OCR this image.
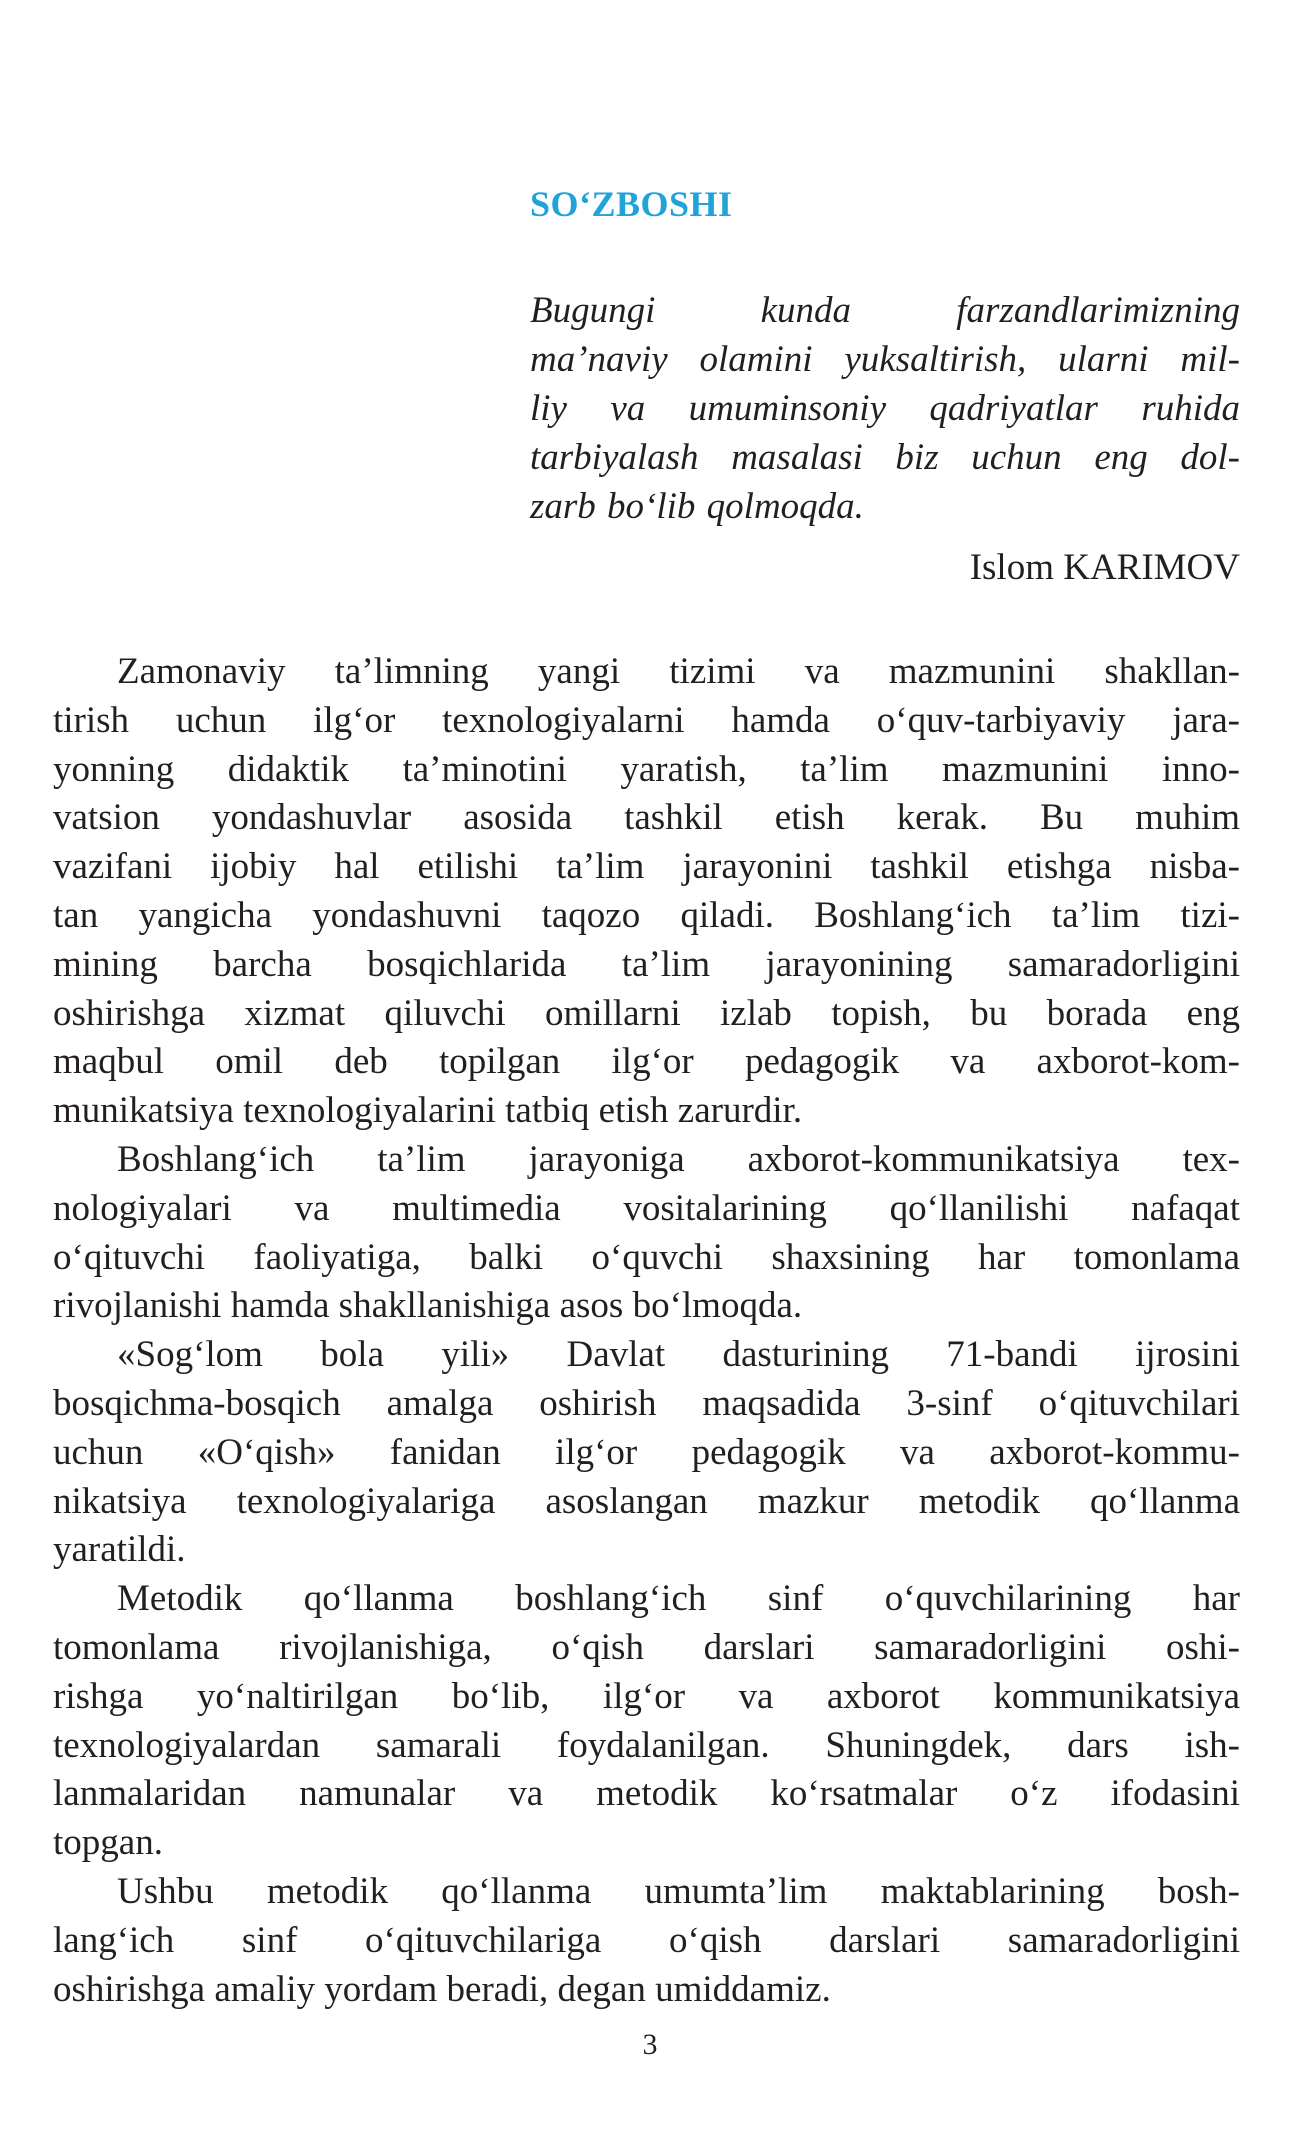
SO‘ZBOSHI
Bugungi kunda farzandlarimizning
ma’naviy olamini yuksaltirish, ularni mil-
liy va umuminsoniy qadriyatlar ruhida
tarbiyalash masalasi biz uchun eng dol-
zarb bo‘lib qolmoqda.

Islom KARIMOV

Zamonaviy ta’limning yangi tizimi va mazmunini shakllan-
tirish uchun ilg‘or texnologiyalarni hamda o‘quv-tarbiyaviy jara-
yonning didaktik ta’minotini yaratish, ta’lim mazmunini inno-
vatsion yondashuvlar asosida tashkil etish kerak. Bu muhim
vazifani ijobiy hal etilishi ta’lim jarayonini tashkil etishga nisba-
tan yangicha yondashuvni taqozo qiladi. Boshlang‘ich ta’lim tizi-
mining barcha bosqichlarida ta’lim jarayonining samaradorligini
oshirishga xizmat qiluvchi omillarni izlab topish, bu borada eng
maqbul omil deb topilgan ilg‘or pedagogik va axborot-kom-
munikatsiya texnologiyalarini tatbiq etish zarurdir.

Boshlang‘ich ta’lim jarayoniga axborot-kommunikatsiya tex-
nologiyalari va multimedia vositalarining qo‘llanilishi nafaqat
o‘qituvchi faoliyatiga, balki o‘quvchi shaxsining har tomonlama
rivojlanishi hamda shakllanishiga asos bo‘lmoqda.

«Sog‘lom bola yili» Davlat dasturining 71-bandi ijrosini
bosqichma-bosqich amalga oshirish maqsadida 3-sinf o‘qituvchilari
uchun «O‘qish» fanidan ilg‘or pedagogik va axborot-kommu-
nikatsiya texnologiyalariga asoslangan mazkur metodik qo‘llanma
yaratildi.

Metodik qo‘llanma boshlang‘ich sinf o‘quvchilarining har
tomonlama rivojlanishiga, o‘qish darslari samaradorligini oshi-
rishga yo‘naltirilgan bo‘lib, ilg‘or va axborot kommunikatsiya
texnologiyalardan samarali foydalanilgan. Shuningdek, dars ish-
lanmalaridan namunalar va metodik ko‘rsatmalar o‘z ifodasini
topgan.

Ushbu metodik qo‘llanma umumta’lim maktablarining bosh-
lang‘ich sinf o‘qituvchilariga o‘qish darslari samaradorligini
oshirishga amaliy yordam beradi, degan umiddamiz.

3
